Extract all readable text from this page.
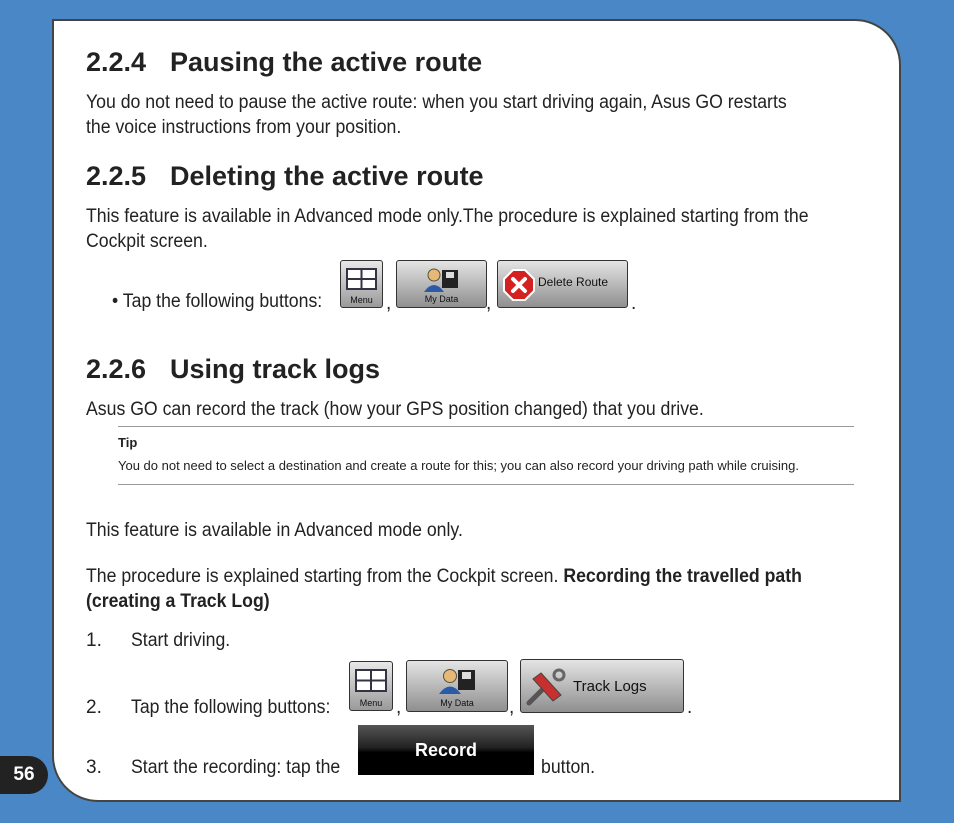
2.2.4 Pausing the active route
You do not need to pause the active route: when you start driving again, Asus GO restarts
the voice instructions from your position.
2.2.5 Deleting the active route
This feature is available in Advanced mode only.The procedure is explained starting from the
Cockpit screen.
• Tap the following buttons:	Menu ,	My Data	,
Delete Route
.
2.2.6 Using track logs
Asus GO can record the track (how your GPS position changed) that you drive.
Tip
You do not need to select a destination and create a route for this; you can also record your driving path while cruising.
This feature is available in Advanced mode only.
The procedure is explained starting from the Cockpit screen. Recording the travelled path
(creating a Track Log)
1. Start driving.
2. Tap the following buttons:	Menu ,	My Data	,
Track Logs
.
3. Start the recording: tap the
Record
button.
56
